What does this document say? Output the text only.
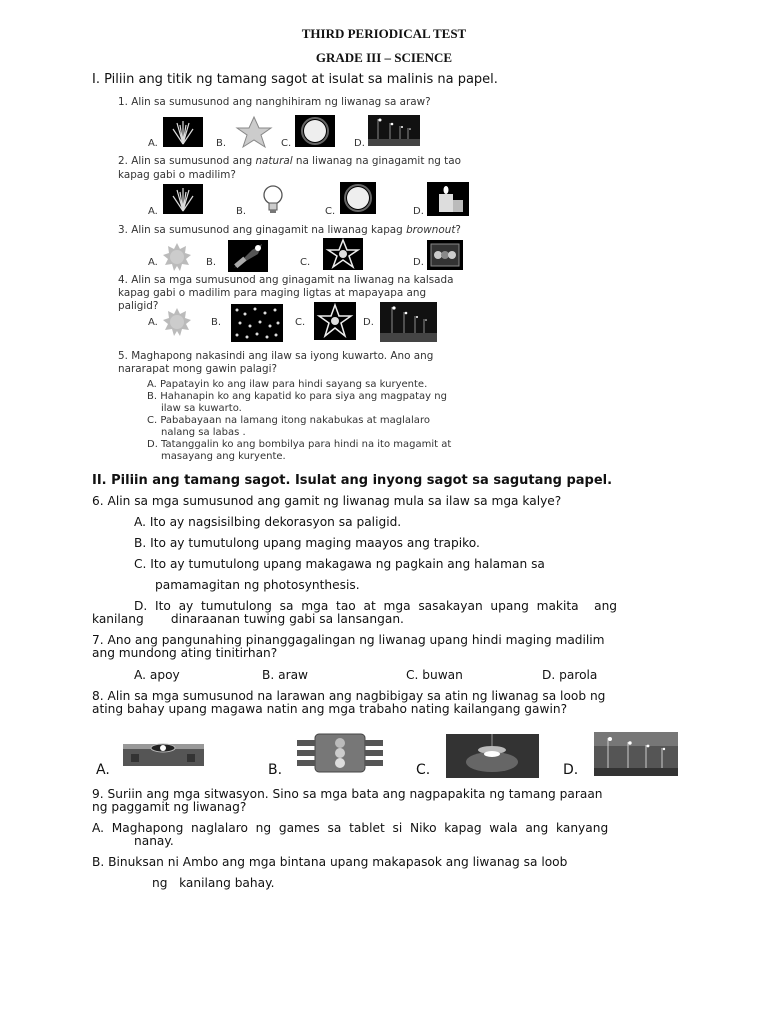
THIRD PERIODICAL TEST
GRADE III – SCIENCE
I. Piliin ang titik ng tamang sagot at isulat sa malinis na papel.
1. Alin sa sumusunod ang nanghihiram ng liwanag sa araw?
A.	B.	C.	D.
2. Alin sa sumusunod ang natural na liwanag na ginagamit ng tao
kapag gabi o madilim?
A.	B.	C.	D.
3. Alin sa sumusunod ang ginagamit na liwanag kapag brownout?
A.	B.	C.	D.
4. Alin sa mga sumusunod ang ginagamit na liwanag na kalsada
kapag gabi o madilim para maging ligtas at mapayapa ang
paligid?
A.	B.	C.	D.
5. Maghapong nakasindi ang ilaw sa iyong kuwarto. Ano ang
nararapat mong gawin palagi?
A. Papatayin ko ang ilaw para hindi sayang sa kuryente.
B. Hahanapin ko ang kapatid ko para siya ang magpatay ng
ilaw sa kuwarto.
C. Pababayaan na lamang itong nakabukas at maglalaro
nalang sa labas .
D. Tatanggalin ko ang bombilya para hindi na ito magamit at
masayang ang kuryente.
II. Piliin ang tamang sagot. Isulat ang inyong sagot sa sagutang papel.
6. Alin sa mga sumusunod ang gamit ng liwanag mula sa ilaw sa mga kalye?
A. Ito ay nagsisilbing dekorasyon sa paligid.
B. Ito ay tumutulong upang maging maayos ang trapiko.
C. Ito ay tumutulong upang makagawa ng pagkain ang halaman sa
pamamagitan ng photosynthesis.
D.  Ito  ay  tumutulong  sa  mga  tao  at  mga  sasakayan  upang  makita    ang
kanilang       dinaraanan tuwing gabi sa lansangan.
7. Ano ang pangunahing pinanggagalingan ng liwanag upang hindi maging madilim
ang mundong ating tinitirhan?
A. apoy	B. araw	C. buwan	D. parola
8. Alin sa mga sumusunod na larawan ang nagbibigay sa atin ng liwanag sa loob ng
ating bahay upang magawa natin ang mga trabaho nating kailangang gawin?
A.	B.	C.	D.
9. Suriin ang mga sitwasyon. Sino sa mga bata ang nagpapakita ng tamang paraan
ng paggamit ng liwanag?
A.  Maghapong  naglalaro  ng  games  sa  tablet  si  Niko  kapag  wala  ang  kanyang
nanay.
B. Binuksan ni Ambo ang mga bintana upang makapasok ang liwanag sa loob
ng   kanilang bahay.
